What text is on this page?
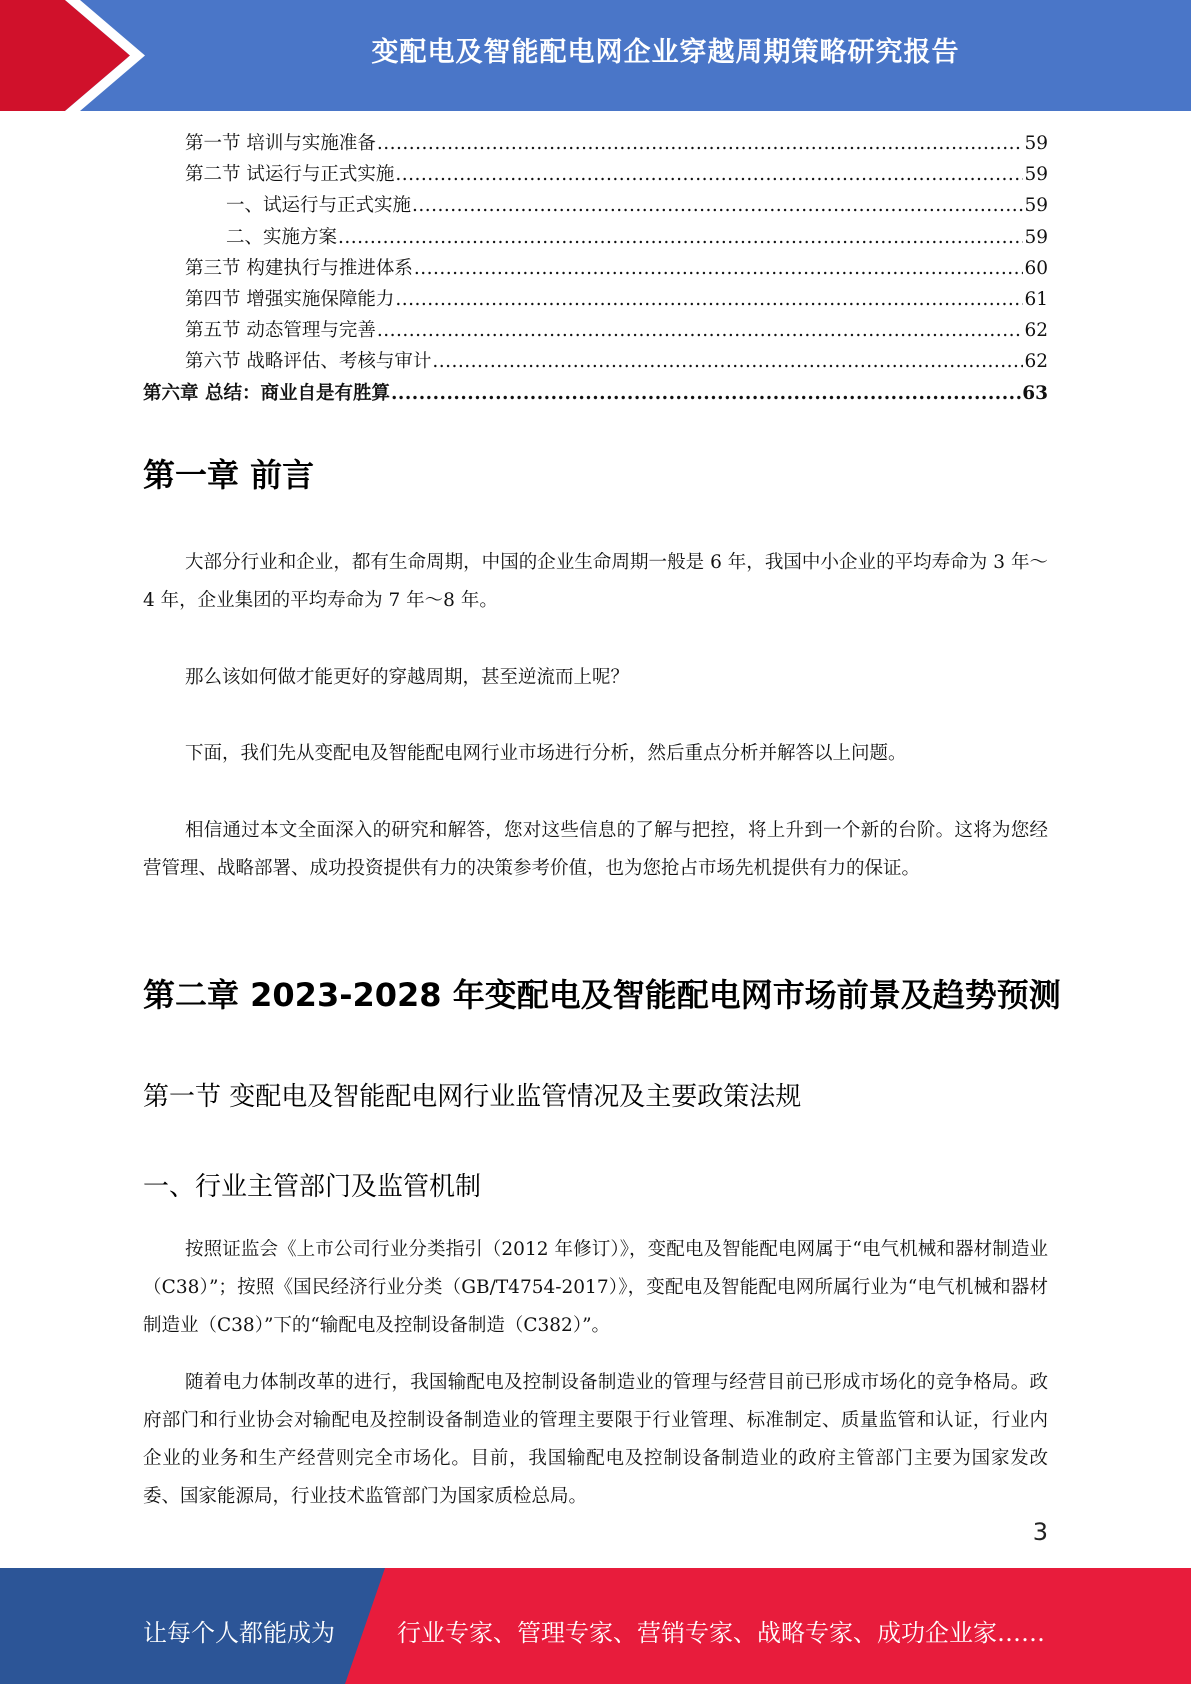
变配电及智能配电网企业穿越周期策略研究报告
第一节 培训与实施准备 .....	59
第二节 试运行与正式实施 .....	59
一、试运行与正式实施 .....	59
二、实施方案 .....	59
第三节 构建执行与推进体系 .....	60
第四节 增强实施保障能力 .....	61
第五节 动态管理与完善 .....	62
第六节 战略评估、考核与审计 .....	62
第六章 总结：商业自是有胜算 .....	63
第一章 前言

大部分行业和企业，都有生命周期，中国的企业生命周期一般是 6 年，我国中小企业的平均寿命为 3 年～4 年，企业集团的平均寿命为 7 年～8 年。

那么该如何做才能更好的穿越周期，甚至逆流而上呢？

下面，我们先从变配电及智能配电网行业市场进行分析，然后重点分析并解答以上问题。

相信通过本文全面深入的研究和解答，您对这些信息的了解与把控，将上升到一个新的台阶。这将为您经营管理、战略部署、成功投资提供有力的决策参考价值，也为您抢占市场先机提供有力的保证。

第二章 2023-2028 年变配电及智能配电网市场前景及趋势预测
第一节 变配电及智能配电网行业监管情况及主要政策法规
一、行业主管部门及监管机制

按照证监会《上市公司行业分类指引（2012 年修订）》，变配电及智能配电网属于“电气机械和器材制造业（C38）”；按照《国民经济行业分类（GB/T4754-2017）》，变配电及智能配电网所属行业为“电气机械和器材制造业（C38）”下的“输配电及控制设备制造（C382）”。

随着电力体制改革的进行，我国输配电及控制设备制造业的管理与经营目前已形成市场化的竞争格局。政府部门和行业协会对输配电及控制设备制造业的管理主要限于行业管理、标准制定、质量监管和认证，行业内企业的业务和生产经营则完全市场化。目前，我国输配电及控制设备制造业的政府主管部门主要为国家发改委、国家能源局，行业技术监管部门为国家质检总局。

3
让每个人都能成为	行业专家、管理专家、营销专家、战略专家、成功企业家……
